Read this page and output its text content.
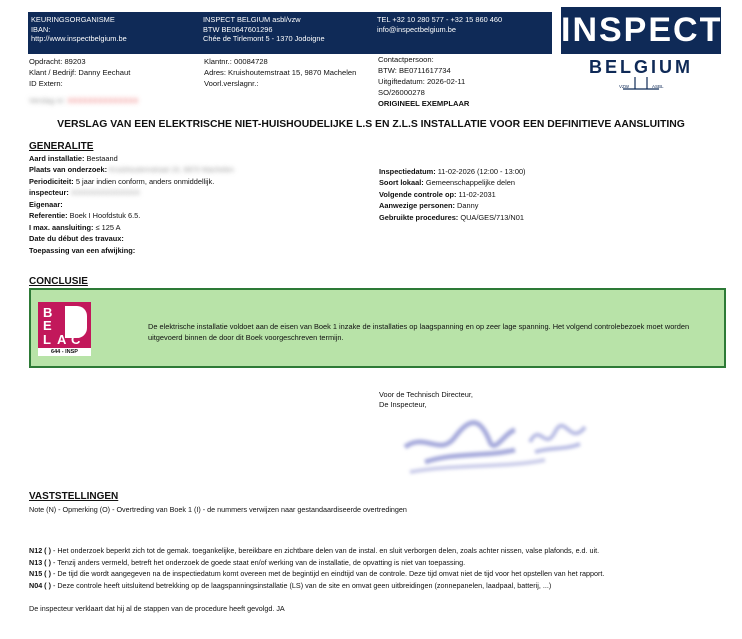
KEURINGSORGANISME
IBAN:
http://www.inspectbelgium.be
INSPECT BELGIUM asbl/vzw
BTW BE0647601296
Chée de Tirlemont 5 - 1370 Jodoigne
TEL +32 10 280 577 - +32 15 860 460
info@inspectbelgium.be	INSPECT
BELGIUM
VZW	ASBL
Opdracht: 89203
Klant / Bedrijf: Danny Eechaut
ID Extern:
Verslag nr: XXXXXXXXXXXXXX
Klantnr.: 00084728
Adres: Kruishoutemstraat 15, 9870 Machelen
Voorl.verslagnr.:
Contactpersoon:
BTW: BE0711617734
Uitgiftedatum: 2026-02-11
SO/26000278
ORIGINEEL EXEMPLAAR
VERSLAG VAN EEN ELEKTRISCHE NIET-HUISHOUDELIJKE L.S EN Z.L.S INSTALLATIE VOOR EEN DEFINITIEVE AANSLUITING
GENERALITE
Aard installatie: Bestaand
Plaats van onderzoek: Kruishoutemstraat 15, 9870 Machelen
Periodiciteit: 5 jaar indien conform, anders onmiddellijk.
inspecteur: XXXXXXXXXXXXXX
Eigenaar:
Referentie: Boek I Hoofdstuk 6.5.
I max. aansluiting: ≤ 125 A
Date du début des travaux:
Toepassing van een afwijking:
Inspectiedatum: 11-02-2026 (12:00 - 13:00)
Soort lokaal: Gemeenschappelijke delen
Volgende controle op: 11-02-2031
Aanwezige personen: Danny
Gebruikte procedures: QUA/GES/713/N01
CONCLUSIE
B
E
L A C
644 - INSP
De elektrische installatie voldoet aan de eisen van Boek 1 inzake de installaties op laagspanning en op zeer lage spanning. Het volgend controlebezoek moet worden uitgevoerd binnen de door dit Boek voorgeschreven termijn.
Voor de Technisch Directeur,
De Inspecteur,
VASTSTELLINGEN
Note (N) - Opmerking (O) - Overtreding van Boek 1 (I) - de nummers verwijzen naar gestandaardiseerde overtredingen
N12 ( ) - Het onderzoek beperkt zich tot de gemak. toegankelijke, bereikbare en zichtbare delen van de instal. en sluit verborgen delen, zoals achter nissen, valse plafonds, e.d. uit.
N13 ( ) - Tenzij anders vermeld, betreft het onderzoek de goede staat en/of werking van de installatie, de opvatting is niet van toepassing.
N15 ( ) - De tijd die wordt aangegeven na de inspectiedatum komt overeen met de begintijd en eindtijd van de controle. Deze tijd omvat niet de tijd voor het opstellen van het rapport.
N04 ( ) - Deze controle heeft uitsluitend betrekking op de laagspanningsinstallatie (LS) van de site en omvat geen uitbreidingen (zonnepanelen, laadpaal, batterij, ...)
De inspecteur verklaart dat hij al de stappen van de procedure heeft gevolgd. JA
